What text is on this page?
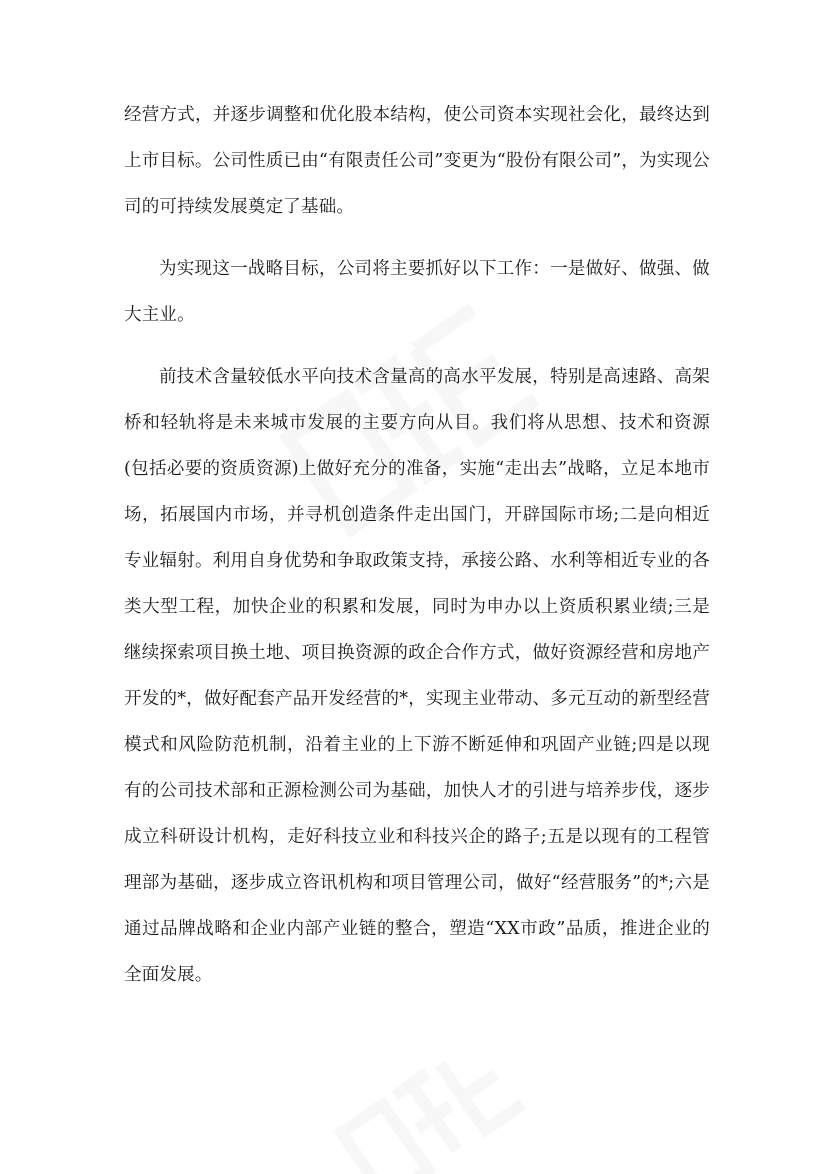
经营方式，并逐步调整和优化股本结构，使公司资本实现社会化，最终达到上市目标。公司性质已由“有限责任公司”变更为“股份有限公司”，为实现公司的可持续发展奠定了基础。

为实现这一战略目标，公司将主要抓好以下工作：一是做好、做强、做大主业。

前技术含量较低水平向技术含量高的高水平发展，特别是高速路、高架桥和轻轨将是未来城市发展的主要方向从目。我们将从思想、技术和资源(包括必要的资质资源)上做好充分的准备，实施“走出去”战略，立足本地市场，拓展国内市场，并寻机创造条件走出国门，开辟国际市场;二是向相近专业辐射。利用自身优势和争取政策支持，承接公路、水利等相近专业的各类大型工程，加快企业的积累和发展，同时为申办以上资质积累业绩;三是继续探索项目换土地、项目换资源的政企合作方式，做好资源经营和房地产开发的*，做好配套产品开发经营的*，实现主业带动、多元互动的新型经营模式和风险防范机制，沿着主业的上下游不断延伸和巩固产业链;四是以现有的公司技术部和正源检测公司为基础，加快人才的引进与培养步伐，逐步成立科研设计机构，走好科技立业和科技兴企的路子;五是以现有的工程管理部为基础，逐步成立咨讯机构和项目管理公司，做好“经营服务”的*;六是通过品牌战略和企业内部产业链的整合，塑造“XX市政”品质，推进企业的全面发展。
